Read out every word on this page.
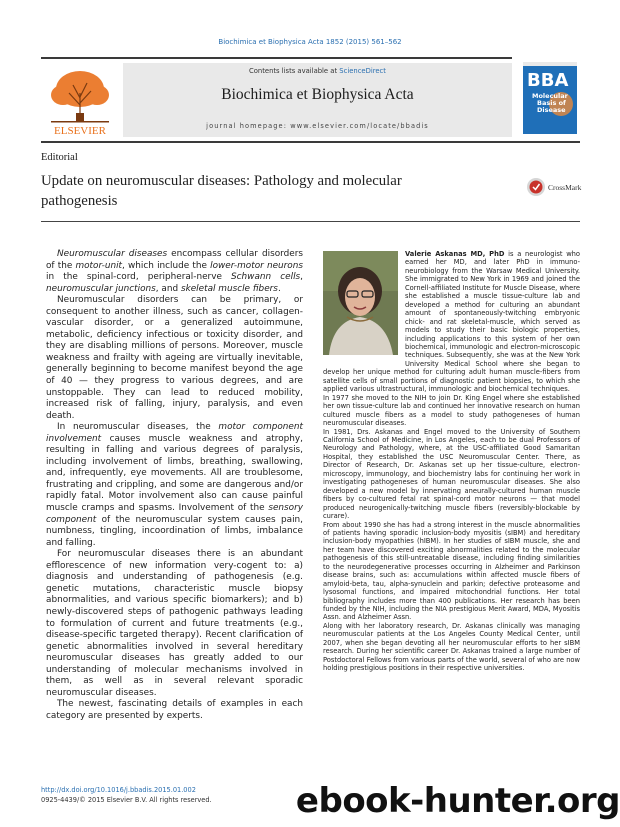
Biochimica et Biophysica Acta 1852 (2015) 561–562
ELSEVIER
Contents lists available at ScienceDirect
Biochimica et Biophysica Acta
journal homepage: www.elsevier.com/locate/bbadis
BBA
Molecular
Basis of
Disease
Editorial
Update on neuromuscular diseases: Pathology and molecular pathogenesis
CrossMark

Neuromuscular diseases encompass cellular disorders of the motor-unit, which include the lower-motor neurons in the spinal-cord, peripheral-nerve Schwann cells, neuromuscular junctions, and skeletal muscle fibers.

Neuromuscular disorders can be primary, or consequent to another illness, such as cancer, collagen-vascular disorder, or a generalized autoimmune, metabolic, deficiency infectious or toxicity disorder, and they are disabling millions of persons. Moreover, muscle weakness and frailty with ageing are virtually inevitable, generally beginning to become manifest beyond the age of 40 — they progress to various degrees, and are unstoppable. They can lead to reduced mobility, increased risk of falling, injury, paralysis, and even death.

In neuromuscular diseases, the motor component involvement causes muscle weakness and atrophy, resulting in falling and various degrees of paralysis, including involvement of limbs, breathing, swallowing, and, infrequently, eye movements. All are troublesome, frustrating and crippling, and some are dangerous and/or rapidly fatal. Motor involvement also can cause painful muscle cramps and spasms. Involvement of the sensory component of the neuromuscular system causes pain, numbness, tingling, incoordination of limbs, imbalance and falling.

For neuromuscular diseases there is an abundant efflorescence of new information very-cogent to: a) diagnosis and understanding of pathogenesis (e.g. genetic mutations, characteristic muscle biopsy abnormalities, and various specific biomarkers); and b) newly-discovered steps of pathogenic pathways leading to formulation of current and future treatments (e.g., disease-specific targeted therapy). Recent clarification of genetic abnormalities involved in several hereditary neuromuscular diseases has greatly added to our understanding of molecular mechanisms involved in them, as well as in several relevant sporadic neuromuscular diseases.

The newest, fascinating details of examples in each category are presented by experts.

Valerie Askanas MD, PhD is a neurologist who earned her MD, and later PhD in immuno-neurobiology from the Warsaw Medical University. She immigrated to New York in 1969 and joined the Cornell-affiliated Institute for Muscle Disease, where she established a muscle tissue-culture lab and developed a method for culturing an abundant amount of spontaneously-twitching embryonic chick- and rat skeletal-muscle, which served as models to study their basic biologic properties, including applications to this system of her own biochemical, immunologic and electron-microscopic techniques. Subsequently, she was at the New York University Medical School where she began to develop her unique method for culturing adult human muscle-fibers from satellite cells of small portions of diagnostic patient biopsies, to which she applied various ultrastructural, immunologic and biochemical techniques.

In 1977 she moved to the NIH to join Dr. King Engel where she established her own tissue-culture lab and continued her innovative research on human cultured muscle fibers as a model to study pathogeneses of human neuromuscular diseases.

In 1981, Drs. Askanas and Engel moved to the University of Southern California School of Medicine, in Los Angeles, each to be dual Professors of Neurology and Pathology, where, at the USC-affiliated Good Samaritan Hospital, they established the USC Neuromuscular Center. There, as Director of Research, Dr. Askanas set up her tissue-culture, electron-microscopy, immunology, and biochemistry labs for continuing her work in investigating pathogeneses of human neuromuscular diseases. She also developed a new model by innervating aneurally-cultured human muscle fibers by co-cultured fetal rat spinal-cord motor neurons — that model produced neurogenically-twitching muscle fibers (reversibly-blockable by curare).

From about 1990 she has had a strong interest in the muscle abnormalities of patients having sporadic inclusion-body myositis (sIBM) and hereditary inclusion-body myopathies (hIBM). In her studies of sIBM muscle, she and her team have discovered exciting abnormalities related to the molecular pathogenesis of this still-untreatable disease, including finding similarities to the neurodegenerative processes occurring in Alzheimer and Parkinson disease brains, such as: accumulations within affected muscle fibers of amyloid-beta, tau, alpha-synuclein and parkin; defective proteasome and lysosomal functions, and impaired mitochondrial functions. Her total bibliography includes more than 400 publications. Her research has been funded by the NIH, including the NIA prestigious Merit Award, MDA, Myositis Assn. and Alzheimer Assn.

Along with her laboratory research, Dr. Askanas clinically was managing neuromuscular patients at the Los Angeles County Medical Center, until 2007, when she began devoting all her neuromuscular efforts to her sIBM research. During her scientific career Dr. Askanas trained a large number of Postdoctoral Fellows from various parts of the world, several of who are now holding prestigious positions in their respective universities.

http://dx.doi.org/10.1016/j.bbadis.2015.01.002
0925-4439/© 2015 Elsevier B.V. All rights reserved.	ebook-hunter.org
